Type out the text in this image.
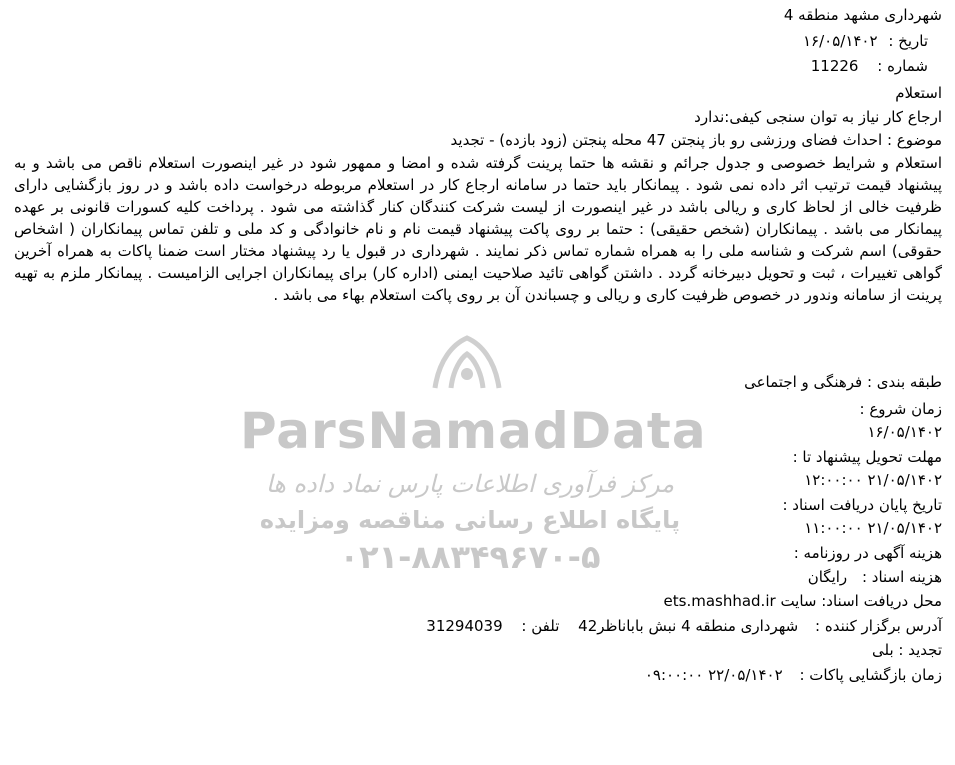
شهرداری مشهد منطقه 4
تاریخ : ۱۶/۰۵/۱۴۰۲
شماره : 11226
استعلام
ارجاع کار نیاز به توان سنجی کیفی:ندارد
موضوع : احداث فضای ورزشی رو باز پنجتن 47 محله پنجتن (زود بازده) - تجدید
استعلام و شرایط خصوصی و جدول جرائم و نقشه ها حتما پرینت گرفته شده و امضا و ممهور شود در غیر اینصورت استعلام ناقص می باشد و به پیشنهاد قیمت ترتیب اثر داده نمی شود . پیمانکار باید حتما در سامانه ارجاع کار در استعلام مربوطه درخواست داده باشد و در روز بازگشایی دارای ظرفیت خالی از لحاظ کاری و ریالی باشد در غیر اینصورت از لیست شرکت کنندگان کنار گذاشته می شود . پرداخت کلیه کسورات قانونی بر عهده پیمانکار می باشد . پیمانکاران (شخص حقیقی) : حتما بر روی پاکت پیشنهاد قیمت نام و نام خانوادگی و کد ملی و تلفن تماس پیمانکاران ( اشخاص حقوقی) اسم شرکت و شناسه ملی را به همراه شماره تماس ذکر نمایند . شهرداری در قبول یا رد پیشنهاد مختار است ضمنا پاکات به همراه آخرین گواهی تغییرات ، ثبت و تحویل دبیرخانه گردد . داشتن گواهی تائید صلاحیت ایمنی (اداره کار) برای پیمانکاران اجرایی الزامیست . پیمانکار ملزم به تهیه پرینت از سامانه وندور در خصوص ظرفیت کاری و ریالی و چسباندن آن بر روی پاکت استعلام بهاء می باشد .
طبقه بندی : فرهنگی و اجتماعی
زمان شروع :
۱۶/۰۵/۱۴۰۲
مهلت تحویل پیشنهاد تا :
۲۱/۰۵/۱۴۰۲ ۱۲:۰۰:۰۰
تاریخ پایان دریافت اسناد :
۲۱/۰۵/۱۴۰۲ ۱۱:۰۰:۰۰
هزینه آگهی در روزنامه :
هزینه اسناد : رایگان
محل دریافت اسناد: سایت ets.mashhad.ir
آدرس برگزار کننده : شهرداری منطقه 4 نبش باباناظر42 تلفن : 31294039
تجدید : بلی
زمان بازگشایی پاکات : ۲۲/۰۵/۱۴۰۲ ۰۹:۰۰:۰۰
ParsNamadData
مرکز فرآوری اطلاعات پارس نماد داده ها
پایگاه اطلاع رسانی مناقصه ومزایده
۰۲۱-۸۸۳۴۹۶۷۰-۵
